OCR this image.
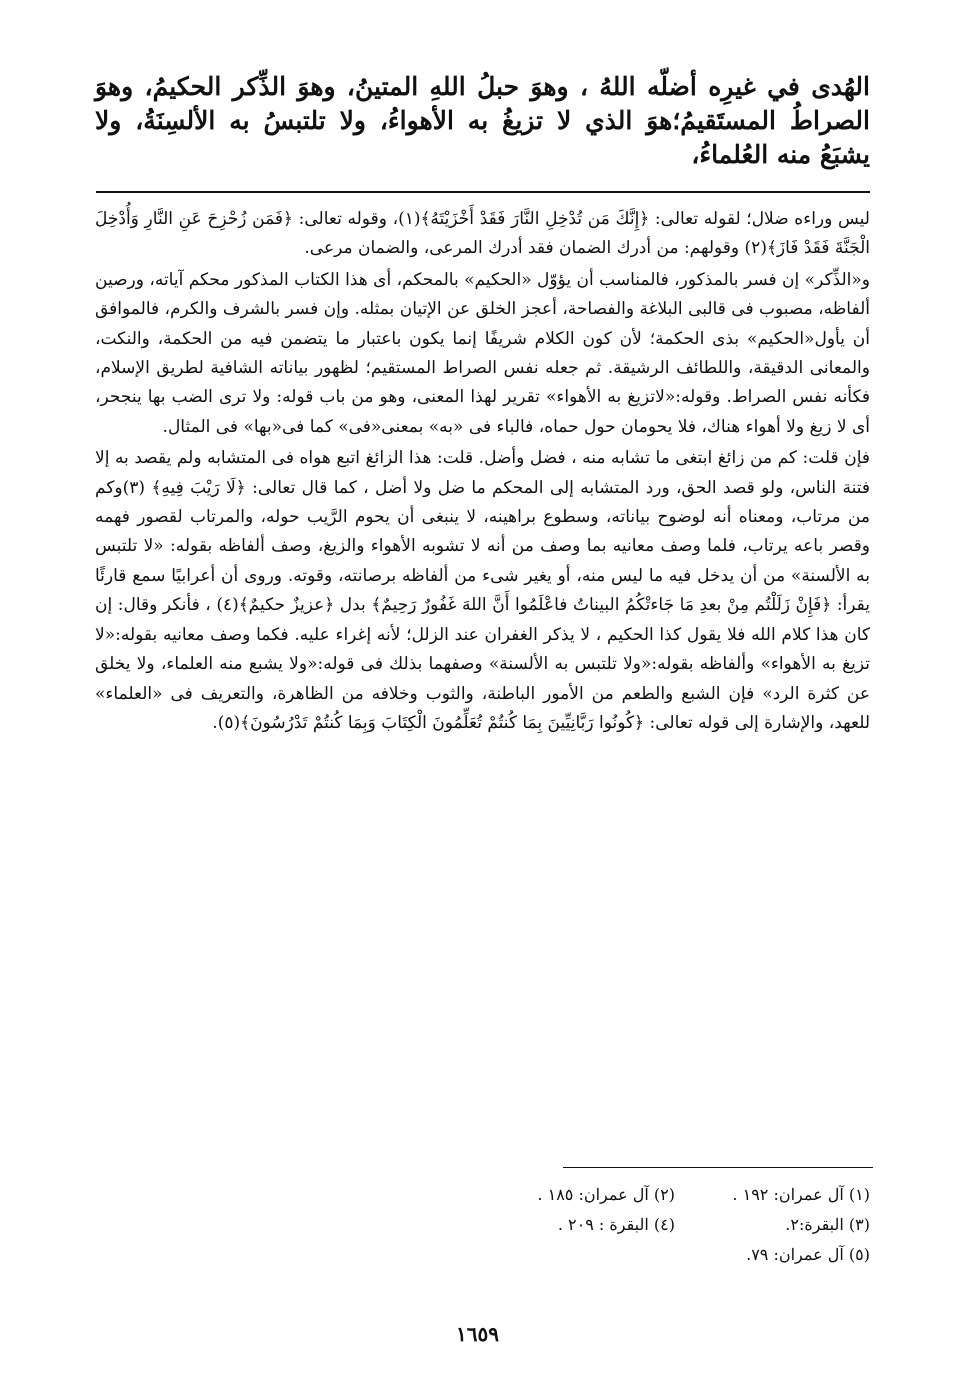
الهُدى في غيرِه أضلّه اللهُ ، وهوَ حبلُ اللهِ المتينُ، وهوَ الذِّكر الحكيمُ، وهوَ الصراطُ المستَقيمُ؛هوَ الذي لا تزيغُ به الأهواءُ، ولا تلتبسُ به الألسِنَةُ، ولا يشبَعُ منه العُلماءُ،

ليس وراءه ضلال؛ لقوله تعالى: ﴿إِنَّكَ مَن تُدْخِلِ النَّارَ فَقَدْ أَخْزَيْتَهُ﴾(١)، وقوله تعالى: ﴿فَمَن زُحْزِحَ عَنِ النَّارِ وَأُدْخِلَ الْجَنَّةَ فَقَدْ فَازَ﴾(٢) وقولهم: من أدرك الضمان فقد أدرك المرعى، والضمان مرعى.

و«الذِّكر» إن فسر بالمذكور، فالمناسب أن يؤوّل «الحكيم» بالمحكم، أى هذا الكتاب المذكور محكم آياته، ورصين ألفاظه، مصبوب فى قالبى البلاغة والفصاحة، أعجز الخلق عن الإتيان بمثله. وإن فسر بالشرف والكرم، فالموافق أن يأول«الحكيم» بذى الحكمة؛ لأن كون الكلام شريفًا إنما يكون باعتبار ما يتضمن فيه من الحكمة، والنكت، والمعانى الدقيقة، واللطائف الرشيقة. ثم جعله نفس الصراط المستقيم؛ لظهور بياناته الشافية لطريق الإسلام، فكأنه نفس الصراط. وقوله:«لاتزيغ به الأهواء» تقرير لهذا المعنى، وهو من باب قوله: ولا ترى الضب بها ينجحر، أى لا زيغ ولا أهواء هناك، فلا يحومان حول حماه، فالباء فى «به» بمعنى«فى» كما فى«بها» فى المثال.

فإن قلت: كم من زائغ ابتغى ما تشابه منه ، فضل وأضل. قلت: هذا الزائغ اتبع هواه فى المتشابه ولم يقصد به إلا فتنة الناس، ولو قصد الحق، ورد المتشابه إلى المحكم ما ضل ولا أضل ، كما قال تعالى: ﴿لَا رَيْبَ فِيهِ﴾ (٣)وكم من مرتاب، ومعناه أنه لوضوح بياناته، وسطوع براهينه، لا ينبغى أن يحوم الرَّيب حوله، والمرتاب لقصور فهمه وقصر باعه يرتاب، فلما وصف معانيه بما وصف من أنه لا تشوبه الأهواء والزيغ، وصف ألفاظه بقوله: «لا تلتبس به الألسنة» من أن يدخل فيه ما ليس منه، أو يغير شىء من ألفاظه برصانته، وقوته. وروى أن أعرابيًا سمع قارئًا يقرأ: ﴿فَإِنْ زَلَلْتُم مِنْ بعدِ مَا جَاءتْكُمُ البيناتُ فاعْلَمُوا أَنَّ اللهَ غَفُورٌ رَحِيمٌ﴾ بدل ﴿عزيزٌ حكيمٌ﴾(٤) ، فأنكر وقال: إن كان هذا كلام الله فلا يقول كذا الحكيم ، لا يذكر الغفران عند الزلل؛ لأنه إغراء عليه. فكما وصف معانيه بقوله:«لا تزيغ به الأهواء» وألفاظه بقوله:«ولا تلتبس به الألسنة» وصفهما بذلك فى قوله:«ولا يشبع منه العلماء، ولا يخلق عن كثرة الرد» فإن الشبع والطعم من الأمور الباطنة، والثوب وخلافه من الظاهرة، والتعريف فى «العلماء» للعهد، والإشارة إلى قوله تعالى: ﴿كُونُوا رَبَّانِيِّينَ بِمَا كُنتُمْ تُعَلِّمُونَ الْكِتَابَ وَبِمَا كُنتُمْ تَدْرُسُونَ﴾(٥).

(١) آل عمران: ١٩٢ .
(٢) آل عمران: ١٨٥ .
(٣) البقرة:٢.
(٤) البقرة : ٢٠٩ .
(٥) آل عمران: ٧٩.
١٦٥٩
